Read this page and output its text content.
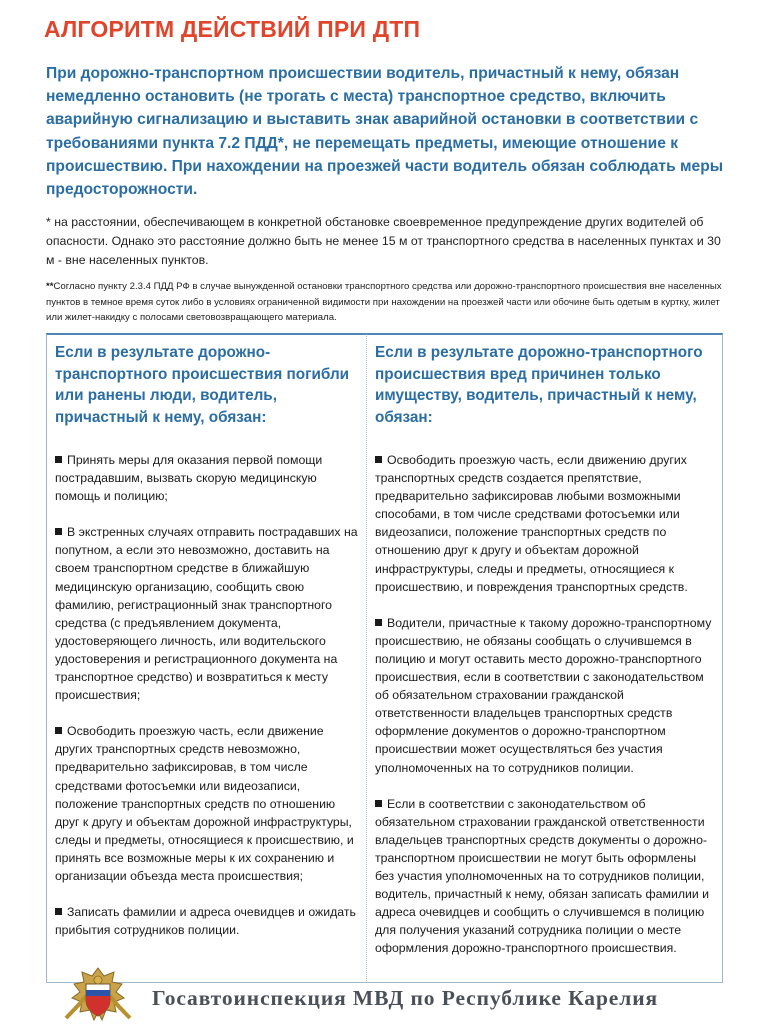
АЛГОРИТМ ДЕЙСТВИЙ ПРИ ДТП

При дорожно-транспортном происшествии водитель, причастный к нему, обязан немедленно остановить (не трогать с места) транспортное средство, включить аварийную сигнализацию и выставить знак аварийной остановки в соответствии с требованиями пункта 7.2 ПДД*, не перемещать предметы, имеющие отношение к происшествию. При нахождении на проезжей части водитель обязан соблюдать меры предосторожности.

* на расстоянии, обеспечивающем в конкретной обстановке своевременное предупреждение других водителей об опасности. Однако это расстояние должно быть не менее 15 м от транспортного средства в населенных пунктах и 30 м - вне населенных пунктов.

**Согласно пункту 2.3.4 ПДД РФ в случае вынужденной остановки транспортного средства или дорожно-транспортного происшествия вне населенных пунктов в темное время суток либо в условиях ограниченной видимости при нахождении на проезжей части или обочине быть одетым в куртку, жилет или жилет-накидку с полосами световозвращающего материала.

Если в результате дорожно-транспортного происшествия погибли или ранены люди, водитель, причастный к нему, обязан:

Принять меры для оказания первой помощи пострадавшим, вызвать скорую медицинскую помощь и полицию;
В экстренных случаях отправить пострадавших на попутном, а если это невозможно, доставить на своем транспортном средстве в ближайшую медицинскую организацию, сообщить свою фамилию, регистрационный знак транспортного средства (с предъявлением документа, удостоверяющего личность, или водительского удостоверения и регистрационного документа на транспортное средство) и возвратиться к месту происшествия;
Освободить проезжую часть, если движение других транспортных средств невозможно, предварительно зафиксировав, в том числе средствами фотосъемки или видеозаписи, положение транспортных средств по отношению друг к другу и объектам дорожной инфраструктуры, следы и предметы, относящиеся к происшествию, и принять все возможные меры к их сохранению и организации объезда места происшествия;
Записать фамилии и адреса очевидцев и ожидать прибытия сотрудников полиции.

Если в результате дорожно-транспортного происшествия вред причинен только имуществу, водитель, причастный к нему, обязан:

Освободить проезжую часть, если движению других транспортных средств создается препятствие, предварительно зафиксировав любыми возможными способами, в том числе средствами фотосъемки или видеозаписи, положение транспортных средств по отношению друг к другу и объектам дорожной инфраструктуры, следы и предметы, относящиеся к происшествию, и повреждения транспортных средств.
Водители, причастные к такому дорожно-транспортному происшествию, не обязаны сообщать о случившемся в полицию и могут оставить место дорожно-транспортного происшествия, если в соответствии с законодательством об обязательном страховании гражданской ответственности владельцев транспортных средств оформление документов о дорожно-транспортном происшествии может осуществляться без участия уполномоченных на то сотрудников полиции.
Если в соответствии с законодательством об обязательном страховании гражданской ответственности владельцев транспортных средств документы о дорожно-транспортном происшествии не могут быть оформлены без участия уполномоченных на то сотрудников полиции, водитель, причастный к нему, обязан записать фамилии и адреса очевидцев и сообщить о случившемся в полицию для получения указаний сотрудника полиции о месте оформления дорожно-транспортного происшествия.

Госавтоинспекция МВД по Республике Карелия
